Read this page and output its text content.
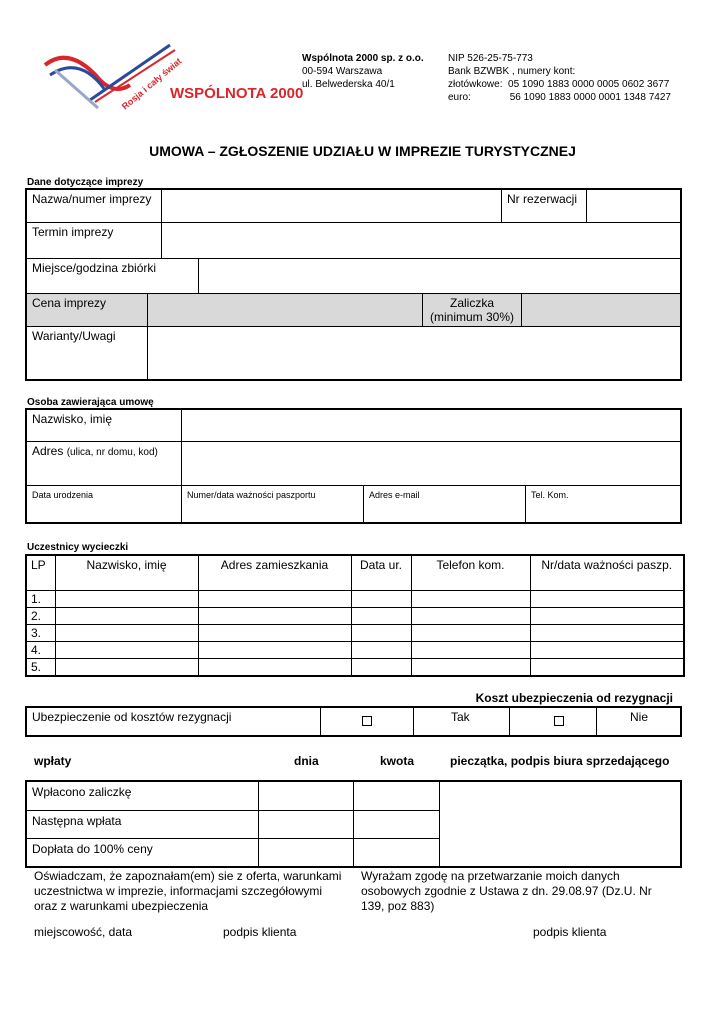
Rosja i cały świat
WSPÓLNOTA 2000
Wspólnota 2000 sp. z o.o.
00-594 Warszawa
ul. Belwederska 40/1
NIP 526-25-75-773
Bank BZWBK , numery kont:
złotówkowe:  05 1090 1883 0000 0005 0602 3677
euro:              56 1090 1883 0000 0001 1348 7427
UMOWA – ZGŁOSZENIE UDZIAŁU W IMPREZIE TURYSTYCZNEJ
Dane dotyczące imprezy
Nazwa/numer imprezy	Nr rezerwacji
Termin imprezy
Miejsce/godzina zbiórki
Cena imprezy	Zaliczka
(minimum 30%)
Warianty/Uwagi
Osoba zawierająca umowę
Nazwisko, imię
Adres (ulica, nr domu, kod)
Data urodzenia	Numer/data ważności paszportu	Adres e-mail	Tel. Kom.
Uczestnicy wycieczki
LP	Nazwisko, imię	Adres zamieszkania	Data ur.	Telefon kom.	Nr/data ważności paszp.
1.					
2.					
3.					
4.					
5.					
Koszt ubezpieczenia od rezygnacji
Ubezpieczenie od kosztów rezygnacji	Tak	Nie
wpłaty	dnia	kwota	pieczątka, podpis biura sprzedającego
Wpłacono zaliczkę
Następna wpłata
Dopłata do 100% ceny
Oświadczam, że zapoznałam(em) sie z oferta, warunkami
uczestnictwa w imprezie, informacjami szczegółowymi
oraz z warunkami ubezpieczenia
Wyrażam zgodę na przetwarzanie moich danych
osobowych zgodnie z Ustawa z dn. 29.08.97 (Dz.U. Nr
139, poz 883)
miejscowość, data	podpis klienta	podpis klienta
